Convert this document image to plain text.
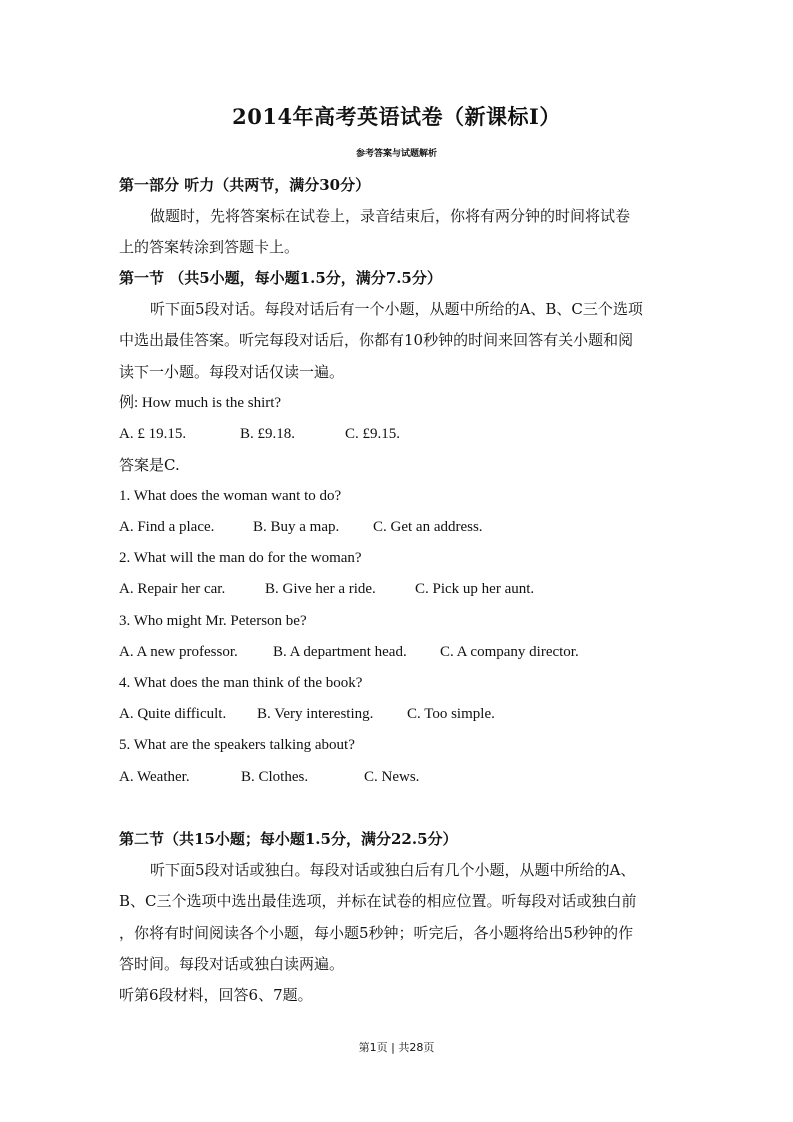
2014年高考英语试卷（新课标Ⅰ）
参考答案与试题解析
第一部分 听力（共两节，满分30分）
做题时，先将答案标在试卷上，录音结束后，你将有两分钟的时间将试卷
上的答案转涂到答题卡上。
第一节 （共5小题，每小题1.5分，满分7.5分）
听下面5段对话。每段对话后有一个小题，从题中所给的A、B、C三个选项
中选出最佳答案。听完每段对话后，你都有10秒钟的时间来回答有关小题和阅
读下一小题。每段对话仅读一遍。
例: How much is the shirt?
A. £ 19.15.	B. £9.18.	C. £9.15.
答案是C.
1. What does the woman want to do?
A. Find a place.	B. Buy a map. C. Get an address.
2. What will the man do for the woman?
A. Repair her car.	B. Give her a ride.	C. Pick up her aunt.
3. Who might Mr. Peterson be?
A. A new professor. B. A department head. C. A company director.
4. What does the man think of the book?
A. Quite difficult. B. Very interesting. C. Too simple.
5. What are the speakers talking about?
A. Weather.	B. Clothes.	C. News.
第二节（共15小题；每小题1.5分，满分22.5分）
听下面5段对话或独白。每段对话或独白后有几个小题，从题中所给的A、
B、C三个选项中选出最佳选项，并标在试卷的相应位置。听每段对话或独白前
，你将有时间阅读各个小题，每小题5秒钟；听完后，各小题将给出5秒钟的作
答时间。每段对话或独白读两遍。
听第6段材料，回答6、7题。
第1页 | 共28页
